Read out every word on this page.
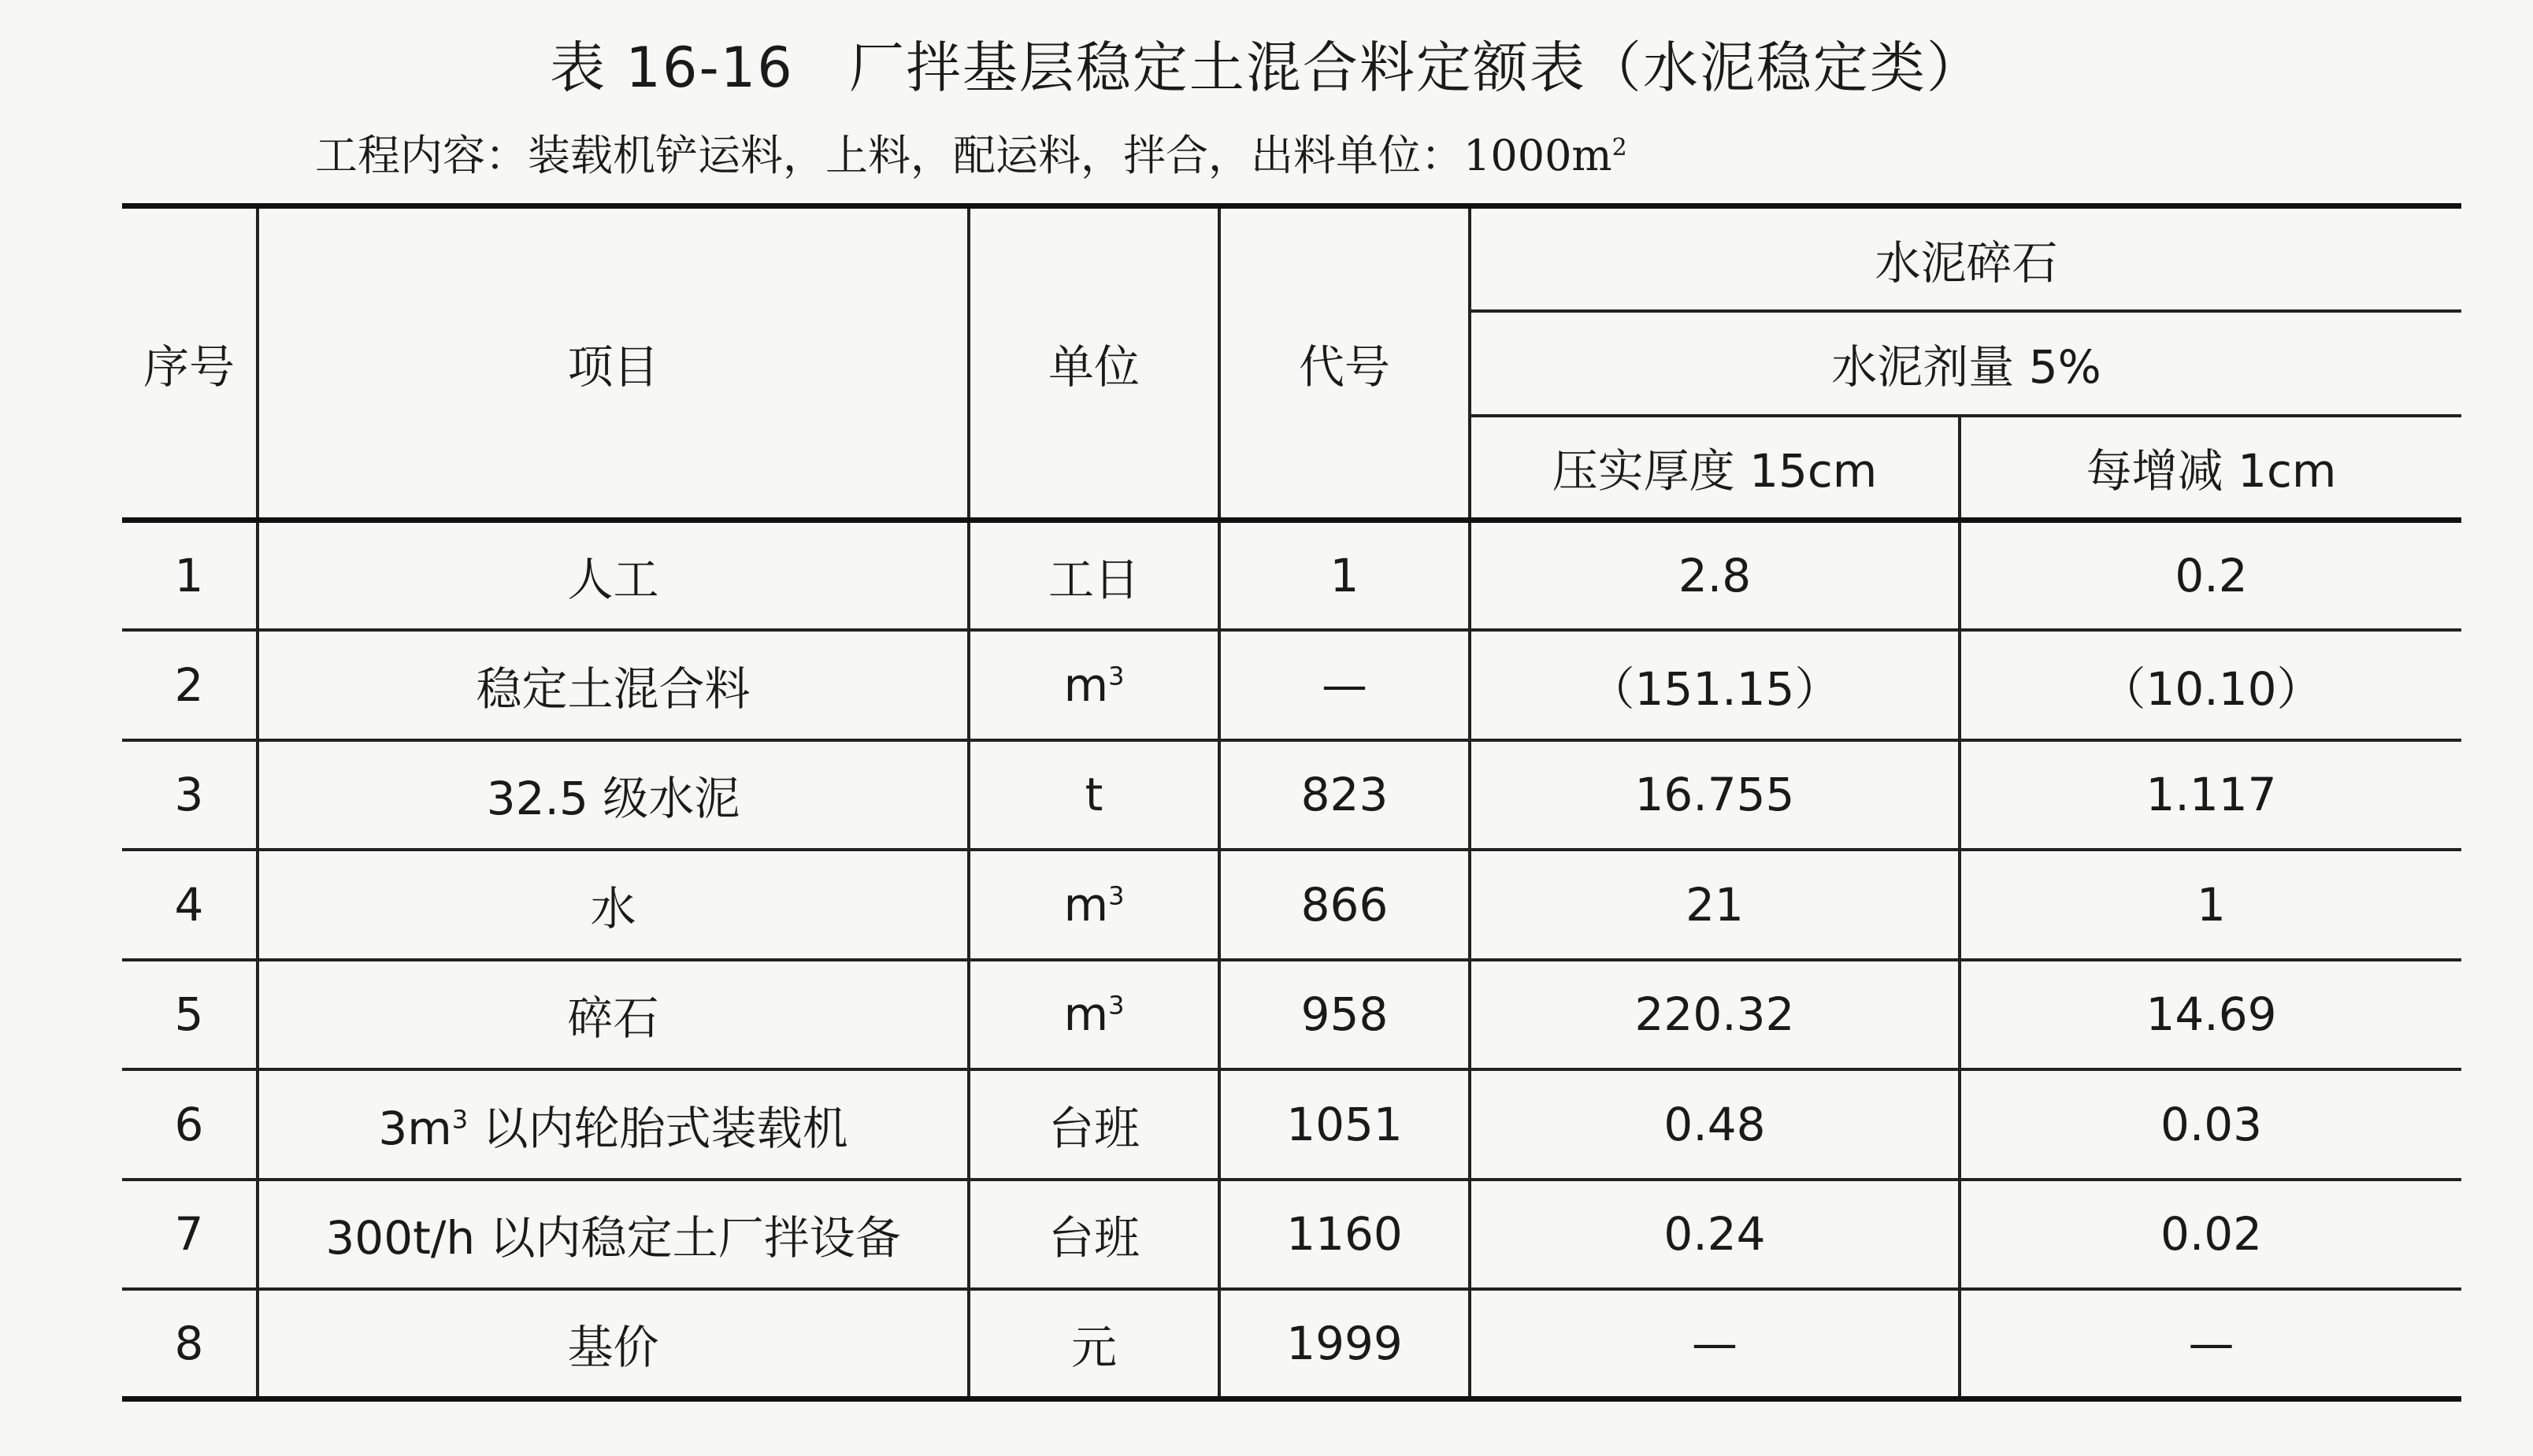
表 16-16 厂拌基层稳定土混合料定额表（水泥稳定类）
工程内容：装载机铲运料，上料，配运料，拌合，出料单位：$1000m^2$
序号	项目	单位	代号	水泥碎石	
				水泥剂量 5%	
				压实厚度 15cm	每增减 1cm
1	人工	工日	1	2.8	0.2
2	稳定土混合料	$m^3$	—	（151.15）	（10.10）
3	32.5 级水泥	t	823	16.755	1.117
4	水	$m^3$	866	21	1
5	碎石	$m^3$	958	220.32	14.69
6	$3m^3$ 以内轮胎式装载机	台班	1051	0.48	0.03
7	300t/h 以内稳定土厂拌设备	台班	1160	0.24	0.02
8	基价	元	1999	—	—
